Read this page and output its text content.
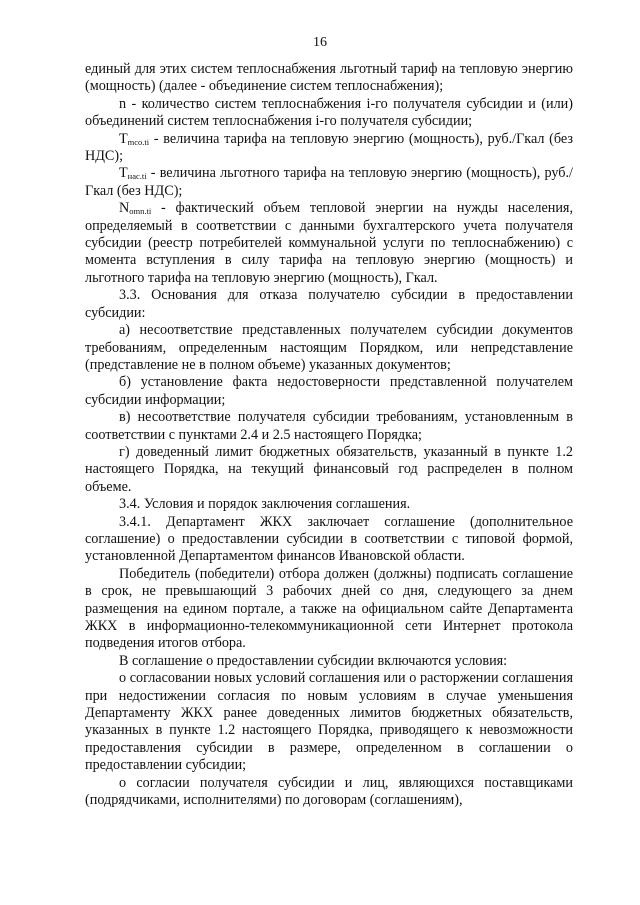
16

единый для этих систем теплоснабжения льготный тариф на тепловую энергию (мощность) (далее - объединение систем теплоснабжения);

n - количество систем теплоснабжения i-го получателя субсидии и (или) объединений систем теплоснабжения i-го получателя субсидии;

$T_{mco.ti}$ - величина тарифа на тепловую энергию (мощность), руб./Гкал (без НДС);

$T_{нас.ti}$ - величина льготного тарифа на тепловую энергию (мощность), руб./Гкал (без НДС);

$N_{omn.ti}$ - фактический объем тепловой энергии на нужды населения, определяемый в соответствии с данными бухгалтерского учета получателя субсидии (реестр потребителей коммунальной услуги по теплоснабжению) с момента вступления в силу тарифа на тепловую энергию (мощность) и льготного тарифа на тепловую энергию (мощность), Гкал.

3.3. Основания для отказа получателю субсидии в предоставлении субсидии:

а) несоответствие представленных получателем субсидии документов требованиям, определенным настоящим Порядком, или непредставление (представление не в полном объеме) указанных документов;

б) установление факта недостоверности представленной получателем субсидии информации;

в) несоответствие получателя субсидии требованиям, установленным в соответствии с пунктами 2.4 и 2.5 настоящего Порядка;

г) доведенный лимит бюджетных обязательств, указанный в пункте 1.2 настоящего Порядка, на текущий финансовый год распределен в полном объеме.

3.4. Условия и порядок заключения соглашения.

3.4.1. Департамент ЖКХ заключает соглашение (дополнительное соглашение) о предоставлении субсидии в соответствии с типовой формой, установленной Департаментом финансов Ивановской области.

Победитель (победители) отбора должен (должны) подписать соглашение в срок, не превышающий 3 рабочих дней со дня, следующего за днем размещения на едином портале, а также на официальном сайте Департамента ЖКХ в информационно-телекоммуникационной сети Интернет протокола подведения итогов отбора.

В соглашение о предоставлении субсидии включаются условия:

о согласовании новых условий соглашения или о расторжении соглашения при недостижении согласия по новым условиям в случае уменьшения Департаменту ЖКХ ранее доведенных лимитов бюджетных обязательств, указанных в пункте 1.2 настоящего Порядка, приводящего к невозможности предоставления субсидии в размере, определенном в соглашении о предоставлении субсидии;

о согласии получателя субсидии и лиц, являющихся поставщиками (подрядчиками, исполнителями) по договорам (соглашениям),
